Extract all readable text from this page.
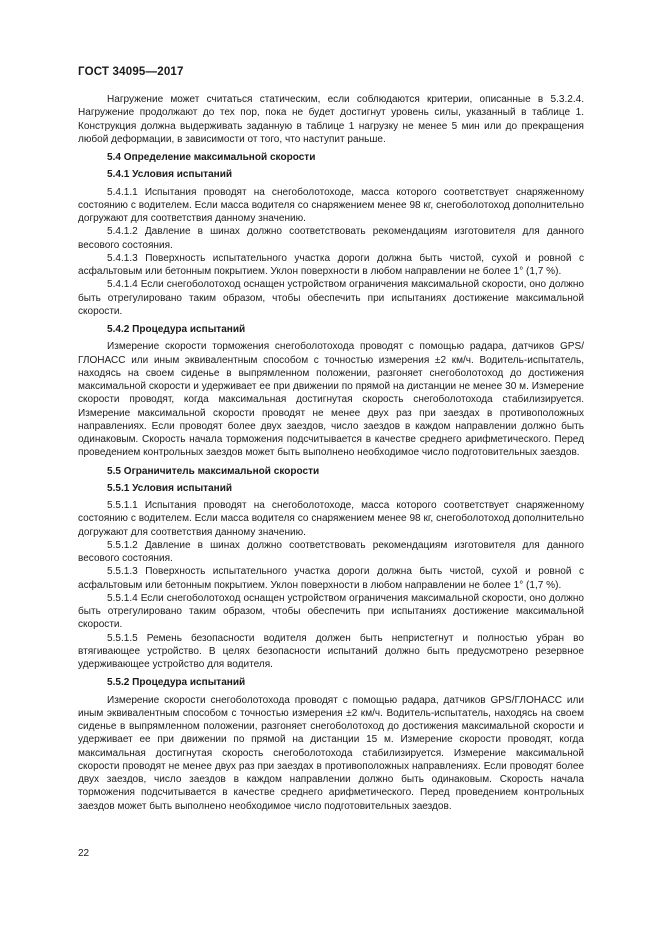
ГОСТ 34095—2017

Нагружение может считаться статическим, если соблюдаются критерии, описанные в 5.3.2.4. Нагружение продолжают до тех пор, пока не будет достигнут уровень силы, указанный в таблице 1. Конструкция должна выдерживать заданную в таблице 1 нагрузку не менее 5 мин или до прекращения любой деформации, в зависимости от того, что наступит раньше.

5.4 Определение максимальной скорости
5.4.1 Условия испытаний

5.4.1.1 Испытания проводят на снегоболотоходе, масса которого соответствует снаряженному состоянию с водителем. Если масса водителя со снаряжением менее 98 кг, снегоболотоход дополнительно догружают для соответствия данному значению.

5.4.1.2 Давление в шинах должно соответствовать рекомендациям изготовителя для данного весового состояния.

5.4.1.3 Поверхность испытательного участка дороги должна быть чистой, сухой и ровной с асфальтовым или бетонным покрытием. Уклон поверхности в любом направлении не более 1° (1,7 %).

5.4.1.4 Если снегоболотоход оснащен устройством ограничения максимальной скорости, оно должно быть отрегулировано таким образом, чтобы обеспечить при испытаниях достижение максимальной скорости.

5.4.2 Процедура испытаний

Измерение скорости торможения снегоболотохода проводят с помощью радара, датчиков GPS/ГЛОНАСС или иным эквивалентным способом с точностью измерения ±2 км/ч. Водитель-испытатель, находясь на своем сиденье в выпрямленном положении, разгоняет снегоболотоход до достижения максимальной скорости и удерживает ее при движении по прямой на дистанции не менее 30 м. Измерение скорости проводят, когда максимальная достигнутая скорость снегоболотохода стабилизируется. Измерение максимальной скорости проводят не менее двух раз при заездах в противоположных направлениях. Если проводят более двух заездов, число заездов в каждом направлении должно быть одинаковым. Скорость начала торможения подсчитывается в качестве среднего арифметического. Перед проведением контрольных заездов может быть выполнено необходимое число подготовительных заездов.

5.5 Ограничитель максимальной скорости
5.5.1 Условия испытаний

5.5.1.1 Испытания проводят на снегоболотоходе, масса которого соответствует снаряженному состоянию с водителем. Если масса водителя со снаряжением менее 98 кг, снегоболотоход дополнительно догружают для соответствия данному значению.

5.5.1.2 Давление в шинах должно соответствовать рекомендациям изготовителя для данного весового состояния.

5.5.1.3 Поверхность испытательного участка дороги должна быть чистой, сухой и ровной с асфальтовым или бетонным покрытием. Уклон поверхности в любом направлении не более 1° (1,7 %).

5.5.1.4 Если снегоболотоход оснащен устройством ограничения максимальной скорости, оно должно быть отрегулировано таким образом, чтобы обеспечить при испытаниях достижение максимальной скорости.

5.5.1.5 Ремень безопасности водителя должен быть непристегнут и полностью убран во втягивающее устройство. В целях безопасности испытаний должно быть предусмотрено резервное удерживающее устройство для водителя.

5.5.2 Процедура испытаний

Измерение скорости снегоболотохода проводят с помощью радара, датчиков GPS/ГЛОНАСС или иным эквивалентным способом с точностью измерения ±2 км/ч. Водитель-испытатель, находясь на своем сиденье в выпрямленном положении, разгоняет снегоболотоход до достижения максимальной скорости и удерживает ее при движении по прямой на дистанции 15 м. Измерение скорости проводят, когда максимальная достигнутая скорость снегоболотохода стабилизируется. Измерение максимальной скорости проводят не менее двух раз при заездах в противоположных направлениях. Если проводят более двух заездов, число заездов в каждом направлении должно быть одинаковым. Скорость начала торможения подсчитывается в качестве среднего арифметического. Перед проведением контрольных заездов может быть выполнено необходимое число подготовительных заездов.

22
